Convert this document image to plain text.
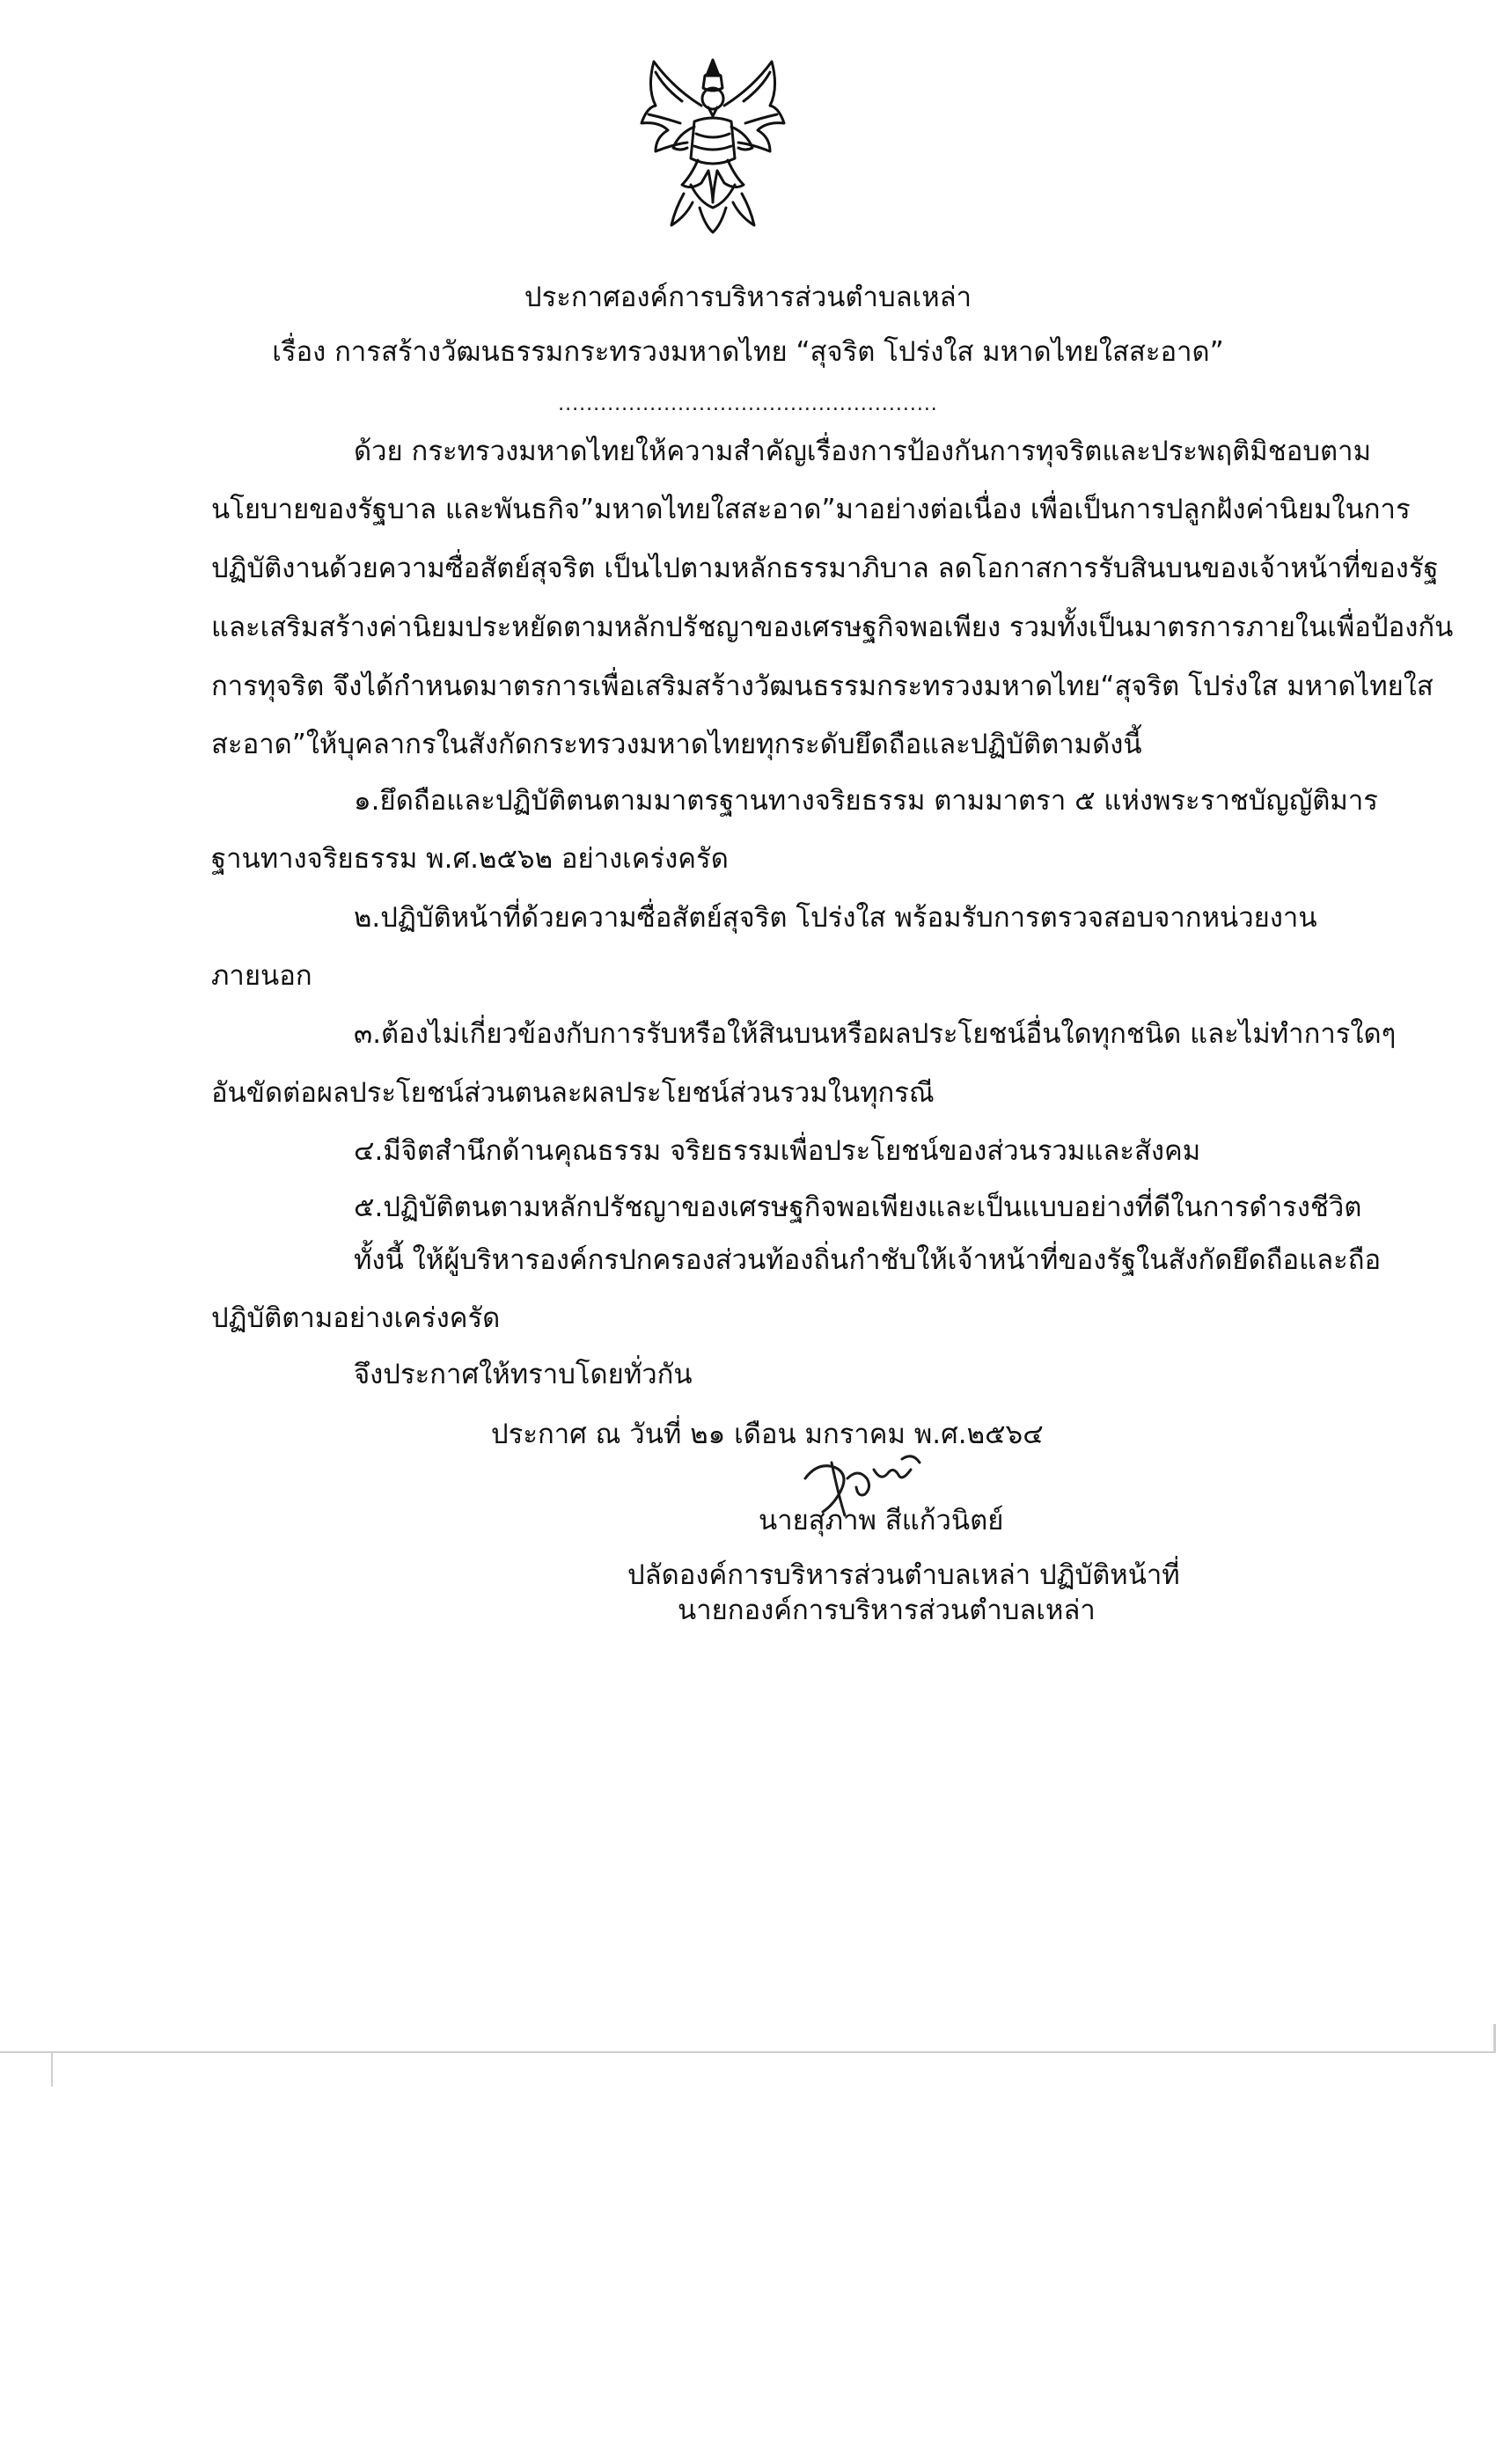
ประกาศองค์การบริหารส่วนตำบลเหล่า
เรื่อง การสร้างวัฒนธรรมกระทรวงมหาดไทย “สุจริต โปร่งใส มหาดไทยใสสะอาด”
......................................................
ด้วย กระทรวงมหาดไทยให้ความสำคัญเรื่องการป้องกันการทุจริตและประพฤติมิชอบตาม
นโยบายของรัฐบาล และพันธกิจ”มหาดไทยใสสะอาด”มาอย่างต่อเนื่อง เพื่อเป็นการปลูกฝังค่านิยมในการ
ปฏิบัติงานด้วยความซื่อสัตย์สุจริต เป็นไปตามหลักธรรมาภิบาล ลดโอกาสการรับสินบนของเจ้าหน้าที่ของรัฐ
และเสริมสร้างค่านิยมประหยัดตามหลักปรัชญาของเศรษฐกิจพอเพียง รวมทั้งเป็นมาตรการภายในเพื่อป้องกัน
การทุจริต จึงได้กำหนดมาตรการเพื่อเสริมสร้างวัฒนธรรมกระทรวงมหาดไทย“สุจริต โปร่งใส มหาดไทยใส
สะอาด”ให้บุคลากรในสังกัดกระทรวงมหาดไทยทุกระดับยึดถือและปฏิบัติตามดังนี้
๑.ยึดถือและปฏิบัติตนตามมาตรฐานทางจริยธรรม ตามมาตรา ๕ แห่งพระราชบัญญัติมาร
ฐานทางจริยธรรม พ.ศ.๒๕๖๒ อย่างเคร่งครัด
๒.ปฏิบัติหน้าที่ด้วยความซื่อสัตย์สุจริต โปร่งใส พร้อมรับการตรวจสอบจากหน่วยงาน
ภายนอก
๓.ต้องไม่เกี่ยวข้องกับการรับหรือให้สินบนหรือผลประโยชน์อื่นใดทุกชนิด และไม่ทำการใดๆ
อันขัดต่อผลประโยชน์ส่วนตนละผลประโยชน์ส่วนรวมในทุกรณี
๔.มีจิตสำนึกด้านคุณธรรม จริยธรรมเพื่อประโยชน์ของส่วนรวมและสังคม
๕.ปฏิบัติตนตามหลักปรัชญาของเศรษฐกิจพอเพียงและเป็นแบบอย่างที่ดีในการดำรงชีวิต
ทั้งนี้ ให้ผู้บริหารองค์กรปกครองส่วนท้องถิ่นกำชับให้เจ้าหน้าที่ของรัฐในสังกัดยึดถือและถือ
ปฏิบัติตามอย่างเคร่งครัด
จึงประกาศให้ทราบโดยทั่วกัน
ประกาศ ณ วันที่ ๒๑ เดือน มกราคม พ.ศ.๒๕๖๔
นายสุภาพ สีแก้วนิตย์
ปลัดองค์การบริหารส่วนตำบลเหล่า ปฏิบัติหน้าที่
นายกองค์การบริหารส่วนตำบลเหล่า
